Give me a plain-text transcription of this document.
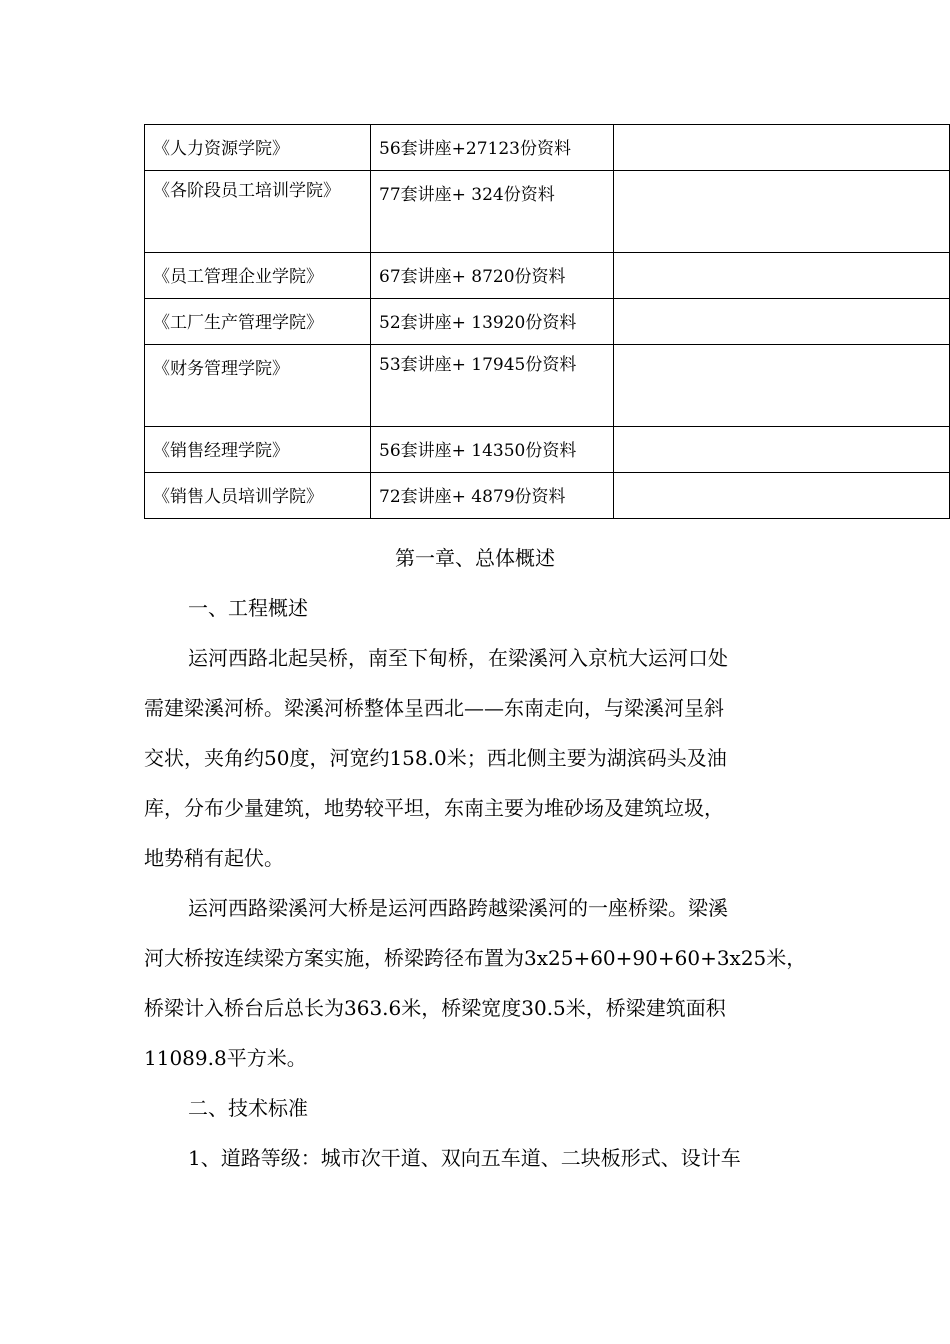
《人力资源学院》	56套讲座+27123份资料	
《各阶段员工培训学院》	77套讲座+ 324份资料	
《员工管理企业学院》	67套讲座+ 8720份资料	
《工厂生产管理学院》	52套讲座+ 13920份资料	
《财务管理学院》	53套讲座+ 17945份资料	
《销售经理学院》	56套讲座+ 14350份资料	
《销售人员培训学院》	72套讲座+ 4879份资料	
第一章、总体概述
一、工程概述
运河西路北起吴桥，南至下甸桥，在梁溪河入京杭大运河口处
需建梁溪河桥。梁溪河桥整体呈西北——东南走向，与梁溪河呈斜
交状，夹角约50度，河宽约158.0米；西北侧主要为湖滨码头及油
库，分布少量建筑，地势较平坦，东南主要为堆砂场及建筑垃圾，
地势稍有起伏。
运河西路梁溪河大桥是运河西路跨越梁溪河的一座桥梁。梁溪
河大桥按连续梁方案实施，桥梁跨径布置为3x25+60+90+60+3x25米，
桥梁计入桥台后总长为363.6米，桥梁宽度30.5米，桥梁建筑面积
11089.8平方米。
二、技术标准
1、道路等级：城市次干道、双向五车道、二块板形式、设计车
